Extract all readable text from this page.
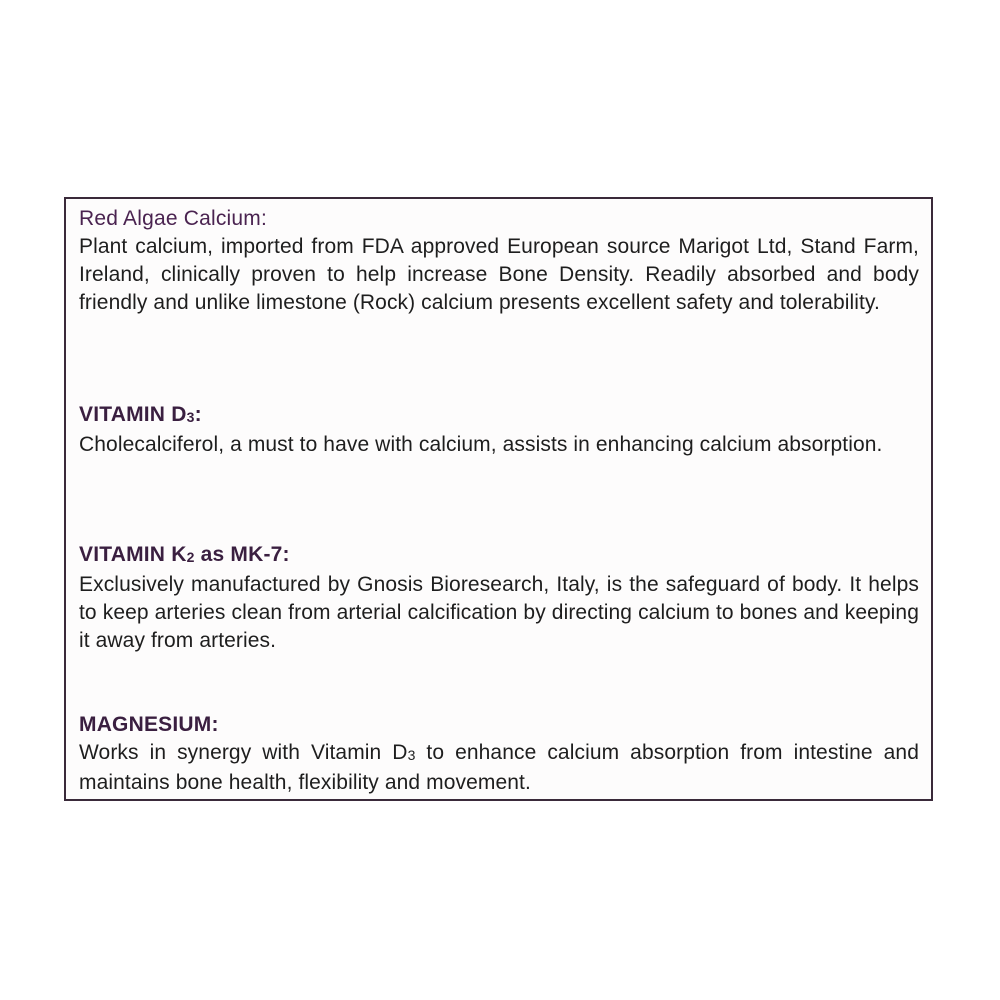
Red Algae Calcium:

Plant calcium, imported from FDA approved European source Marigot Ltd, Stand Farm, Ireland, clinically proven to help increase Bone Density. Readily absorbed and body friendly and unlike limestone (Rock) calcium presents excellent safety and tolerability.

VITAMIN D3:

Cholecalciferol, a must to have with calcium, assists in enhancing calcium absorption.

VITAMIN K2 as MK-7:

Exclusively manufactured by Gnosis Bioresearch, Italy, is the safeguard of body. It helps to keep arteries clean from arterial calcification by directing calcium to bones and keeping it away from arteries.

MAGNESIUM:

Works in synergy with Vitamin D3 to enhance calcium absorption from intestine and maintains bone health, flexibility and movement.
